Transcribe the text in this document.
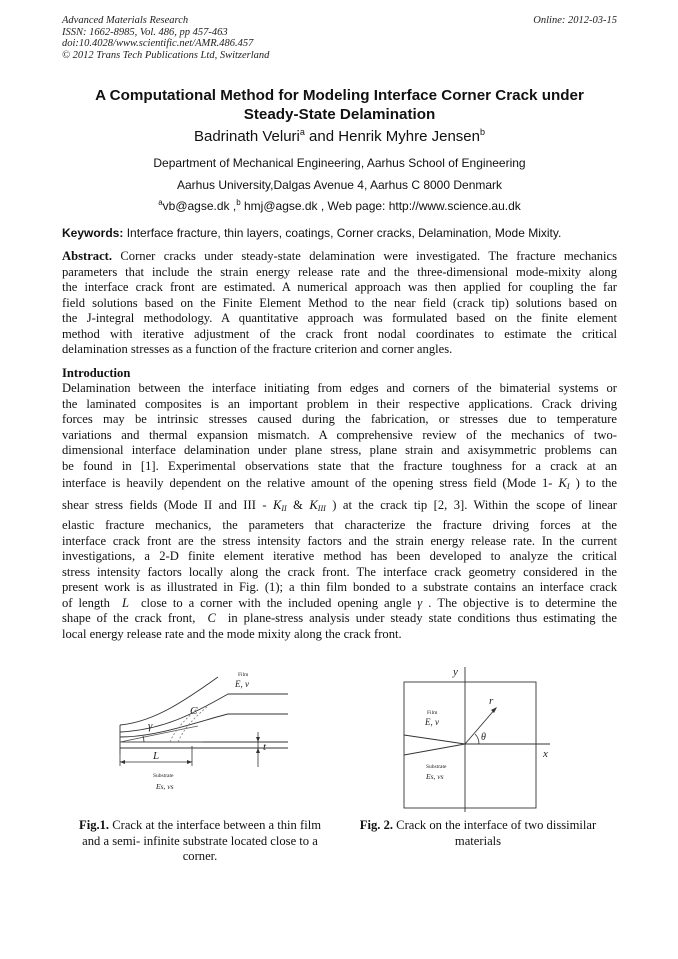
Advanced Materials Research
ISSN: 1662-8985, Vol. 486, pp 457-463
doi:10.4028/www.scientific.net/AMR.486.457
© 2012 Trans Tech Publications Ltd, Switzerland
Online: 2012-03-15
A Computational Method for Modeling Interface Corner Crack under
Steady-State Delamination
Badrinath Veluri$^a$ and Henrik Myhre Jensen$^b$
Department of Mechanical Engineering, Aarhus School of Engineering
Aarhus University,Dalgas Avenue 4, Aarhus C 8000 Denmark
$^a$vb@agse.dk ,$^b$ hmj@agse.dk , Web page: http://www.science.au.dk
Keywords: Interface fracture, thin layers, coatings, Corner cracks, Delamination, Mode Mixity.
Abstract. Corner cracks under steady-state delamination were investigated. The fracture mechanics
parameters that include the strain energy release rate and the three-dimensional mode-mixity along
the interface crack front are estimated. A numerical approach was then applied for coupling the far
field solutions based on the Finite Element Method to the near field (crack tip) solutions based on
the J-integral methodology. A quantitative approach was formulated based on the finite element
method with iterative adjustment of the crack front nodal coordinates to estimate the critical
delamination stresses as a function of the fracture criterion and corner angles.
Introduction
Delamination between the interface initiating from edges and corners of the bimaterial systems or
the laminated composites is an important problem in their respective applications. Crack driving
forces may be intrinsic stresses caused during the fabrication, or stresses due to temperature
variations and thermal expansion mismatch. A comprehensive review of the mechanics of two-
dimensional interface delamination under plane stress, plane strain and axisymmetric problems can
be found in [1]. Experimental observations state that the fracture toughness for a crack at an
interface is heavily dependent on the relative amount of the opening stress field (Mode 1- $K_I$ ) to the
shear stress fields (Mode II and III - $K_{II}$ & $K_{III}$ ) at the crack tip [2, 3]. Within the scope of linear
elastic fracture mechanics, the parameters that characterize the fracture driving forces at the
interface crack front are the stress intensity factors and the strain energy release rate. In the current
investigations, a 2-D finite element iterative method has been developed to analyze the critical
stress intensity factors locally along the crack front. The interface crack geometry considered in the
present work is as illustrated in Fig. (1); a thin film bonded to a substrate contains an interface crack
of length  L  close to a corner with the included opening angle γ . The objective is to determine the
shape of the crack front,  C  in plane-stress analysis under steady state conditions thus estimating the
local energy release rate and the mode mixity along the crack front.
Film
E, ν
C
γ
L
t
Substrate
Es, νs
y
x
r
θ
Film
E, ν
Substrate
Es, νs
Fig.1. Crack at the interface between a thin film
and a semi- infinite substrate located close to a
corner.
Fig. 2. Crack on the interface of two dissimilar
materials
